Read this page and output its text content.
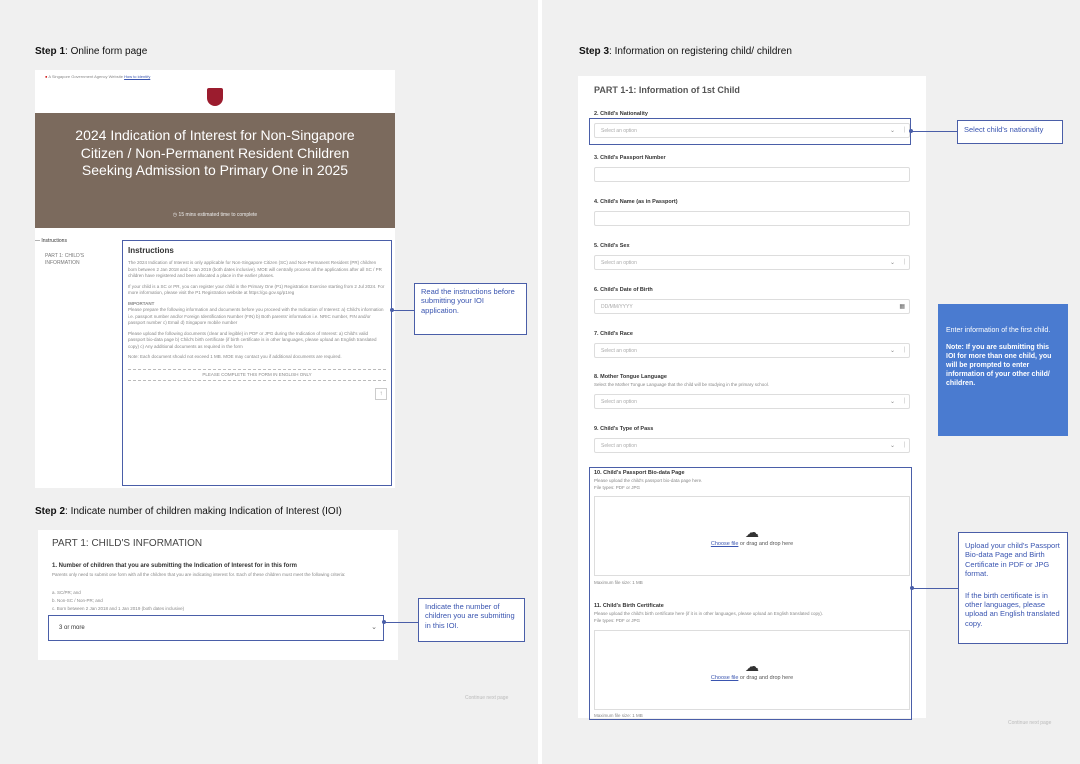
Step 1: Online form page
● A Singapore Government Agency Website How to identify
2024 Indication of Interest for Non-Singapore Citizen / Non-Permanent Resident Children Seeking Admission to Primary One in 2025
◷ 15 mins estimated time to complete
— Instructions
PART 1: CHILD'S INFORMATION
Instructions
The 2024 Indication of Interest is only applicable for Non-Singapore Citizen (SC) and Non-Permanent Resident (PR) children born between 2 Jan 2018 and 1 Jan 2019 (both dates inclusive). MOE will centrally process all the applications after all SC / PR children have registered and been allocated a place in the earlier phases.
If your child is a SC or PR, you can register your child in the Primary One (P1) Registration Exercise starting from 2 Jul 2024. For more information, please visit the P1 Registration website at https://go.gov.sg/p1reg
IMPORTANT
Please prepare the following information and documents before you proceed with the Indication of Interest: a) Child's information i.e. passport number and/or Foreign Identification Number (FIN) b) Both parents' information i.e. NRIC number, FIN and/or passport number c) Email d) Singapore mobile number
Please upload the following documents (clear and legible) in PDF or JPG during the Indication of Interest: a) Child's valid passport bio-data page b) Child's birth certificate (if birth certificate is in other languages, please upload an English translated copy) c) Any additional documents as required in the form
Note: Each document should not exceed 1 MB. MOE may contact you if additional documents are required.
PLEASE COMPLETE THIS FORM IN ENGLISH ONLY
↑
Read the instructions before submitting your IOI application.
Step 2: Indicate number of children making Indication of Interest (IOI)
PART 1: CHILD'S INFORMATION
1. Number of children that you are submitting the Indication of Interest for in this form
Parents only need to submit one form with all the children that you are indicating interest for. Each of these children must meet the following criteria:
a. SC/PR; and
b. Non-SC / Non-PR; and
c. Born between 2 Jan 2018 and 1 Jan 2019 (both dates inclusive)
3 or more	⌄
Continue next page
Indicate the number of children you are submitting in this IOI.
Step 3: Information on registering child/ children
PART 1-1: Information of 1st Child
2. Child's Nationality
Select an option	⌄ |
3. Child's Passport Number
4. Child's Name (as in Passport)
5. Child's Sex
Select an option	⌄ |
6. Child's Date of Birth
DD/MM/YYYY	▦
7. Child's Race
Select an option	⌄ |
8. Mother Tongue Language
Select the Mother Tongue Language that the child will be studying in the primary school.
Select an option	⌄ |
9. Child's Type of Pass
Select an option	⌄ |
10. Child's Passport Bio-data Page
Please upload the child's passport bio-data page here.
File types: PDF or JPG
☁
Choose file or drag and drop here
Maximum file size: 1 MB
11. Child's Birth Certificate
Please upload the child's birth certificate here (if it is in other languages, please upload an English translated copy).
File types: PDF or JPG
☁
Choose file or drag and drop here
Maximum file size: 1 MB
Select child's nationality
Enter information of the first child.
Note: If you are submitting this IOI for more than one child, you will be prompted to enter information of your other child/ children.
Upload your child's Passport Bio-data Page and Birth Certificate in PDF or JPG format.
If the birth certificate is in other languages, please upload an English translated copy.
Continue next page
